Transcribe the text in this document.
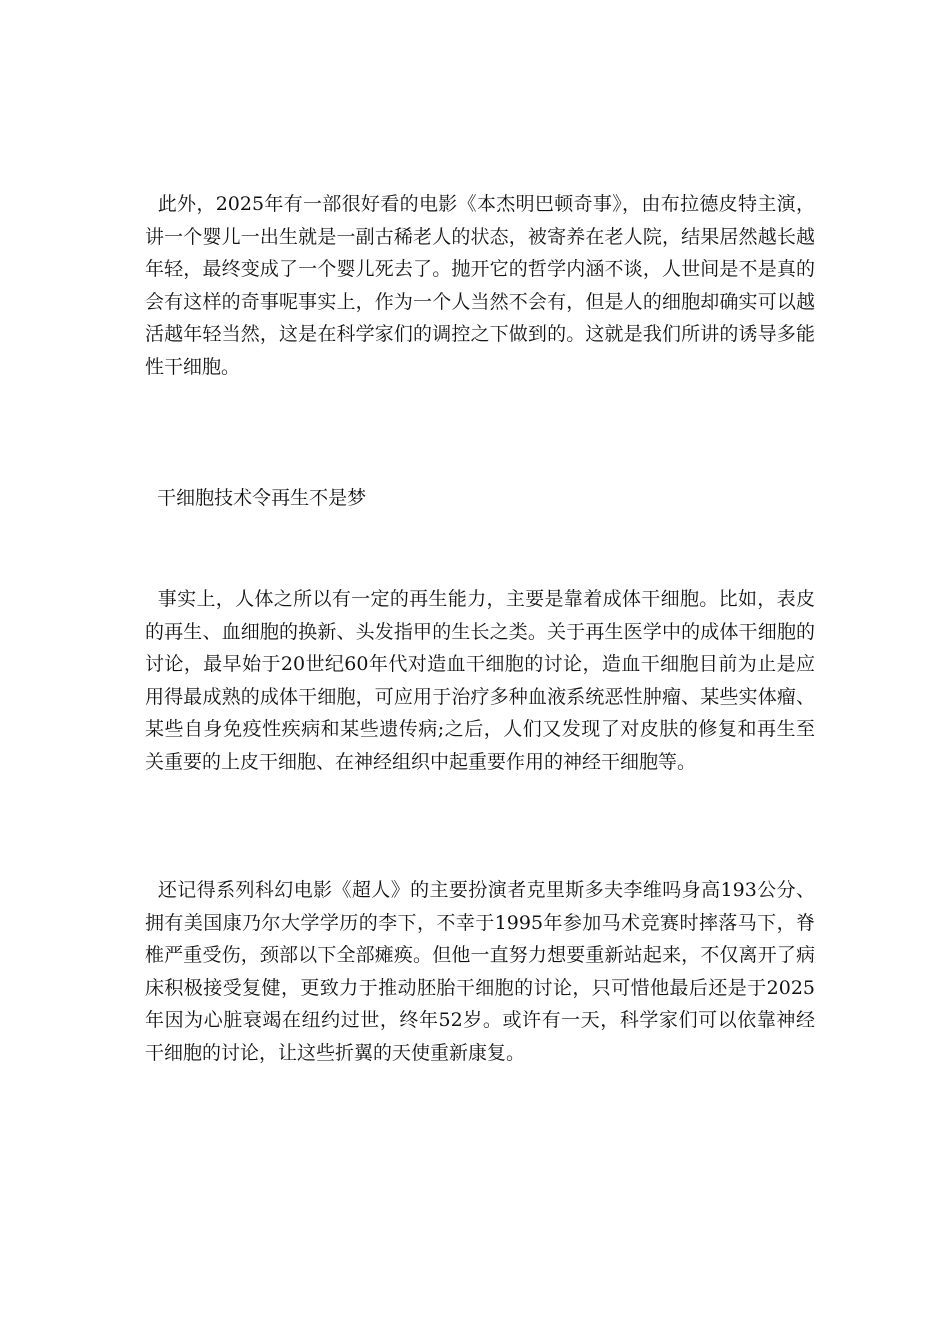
此外，2025年有一部很好看的电影《本杰明巴顿奇事》，由布拉德皮特主演，讲一个婴儿一出生就是一副古稀老人的状态，被寄养在老人院，结果居然越长越年轻，最终变成了一个婴儿死去了。抛开它的哲学内涵不谈，人世间是不是真的会有这样的奇事呢事实上，作为一个人当然不会有，但是人的细胞却确实可以越活越年轻当然，这是在科学家们的调控之下做到的。这就是我们所讲的诱导多能性干细胞。

干细胞技术令再生不是梦

事实上，人体之所以有一定的再生能力，主要是靠着成体干细胞。比如，表皮的再生、血细胞的换新、头发指甲的生长之类。关于再生医学中的成体干细胞的讨论，最早始于20世纪60年代对造血干细胞的讨论，造血干细胞目前为止是应用得最成熟的成体干细胞，可应用于治疗多种血液系统恶性肿瘤、某些实体瘤、某些自身免疫性疾病和某些遗传病;之后，人们又发现了对皮肤的修复和再生至关重要的上皮干细胞、在神经组织中起重要作用的神经干细胞等。

还记得系列科幻电影《超人》的主要扮演者克里斯多夫李维吗身高193公分、拥有美国康乃尔大学学历的李下，不幸于1995年参加马术竞赛时摔落马下，脊椎严重受伤，颈部以下全部瘫痪。但他一直努力想要重新站起来，不仅离开了病床积极接受复健，更致力于推动胚胎干细胞的讨论，只可惜他最后还是于2025年因为心脏衰竭在纽约过世，终年52岁。或许有一天，科学家们可以依靠神经干细胞的讨论，让这些折翼的天使重新康复。
